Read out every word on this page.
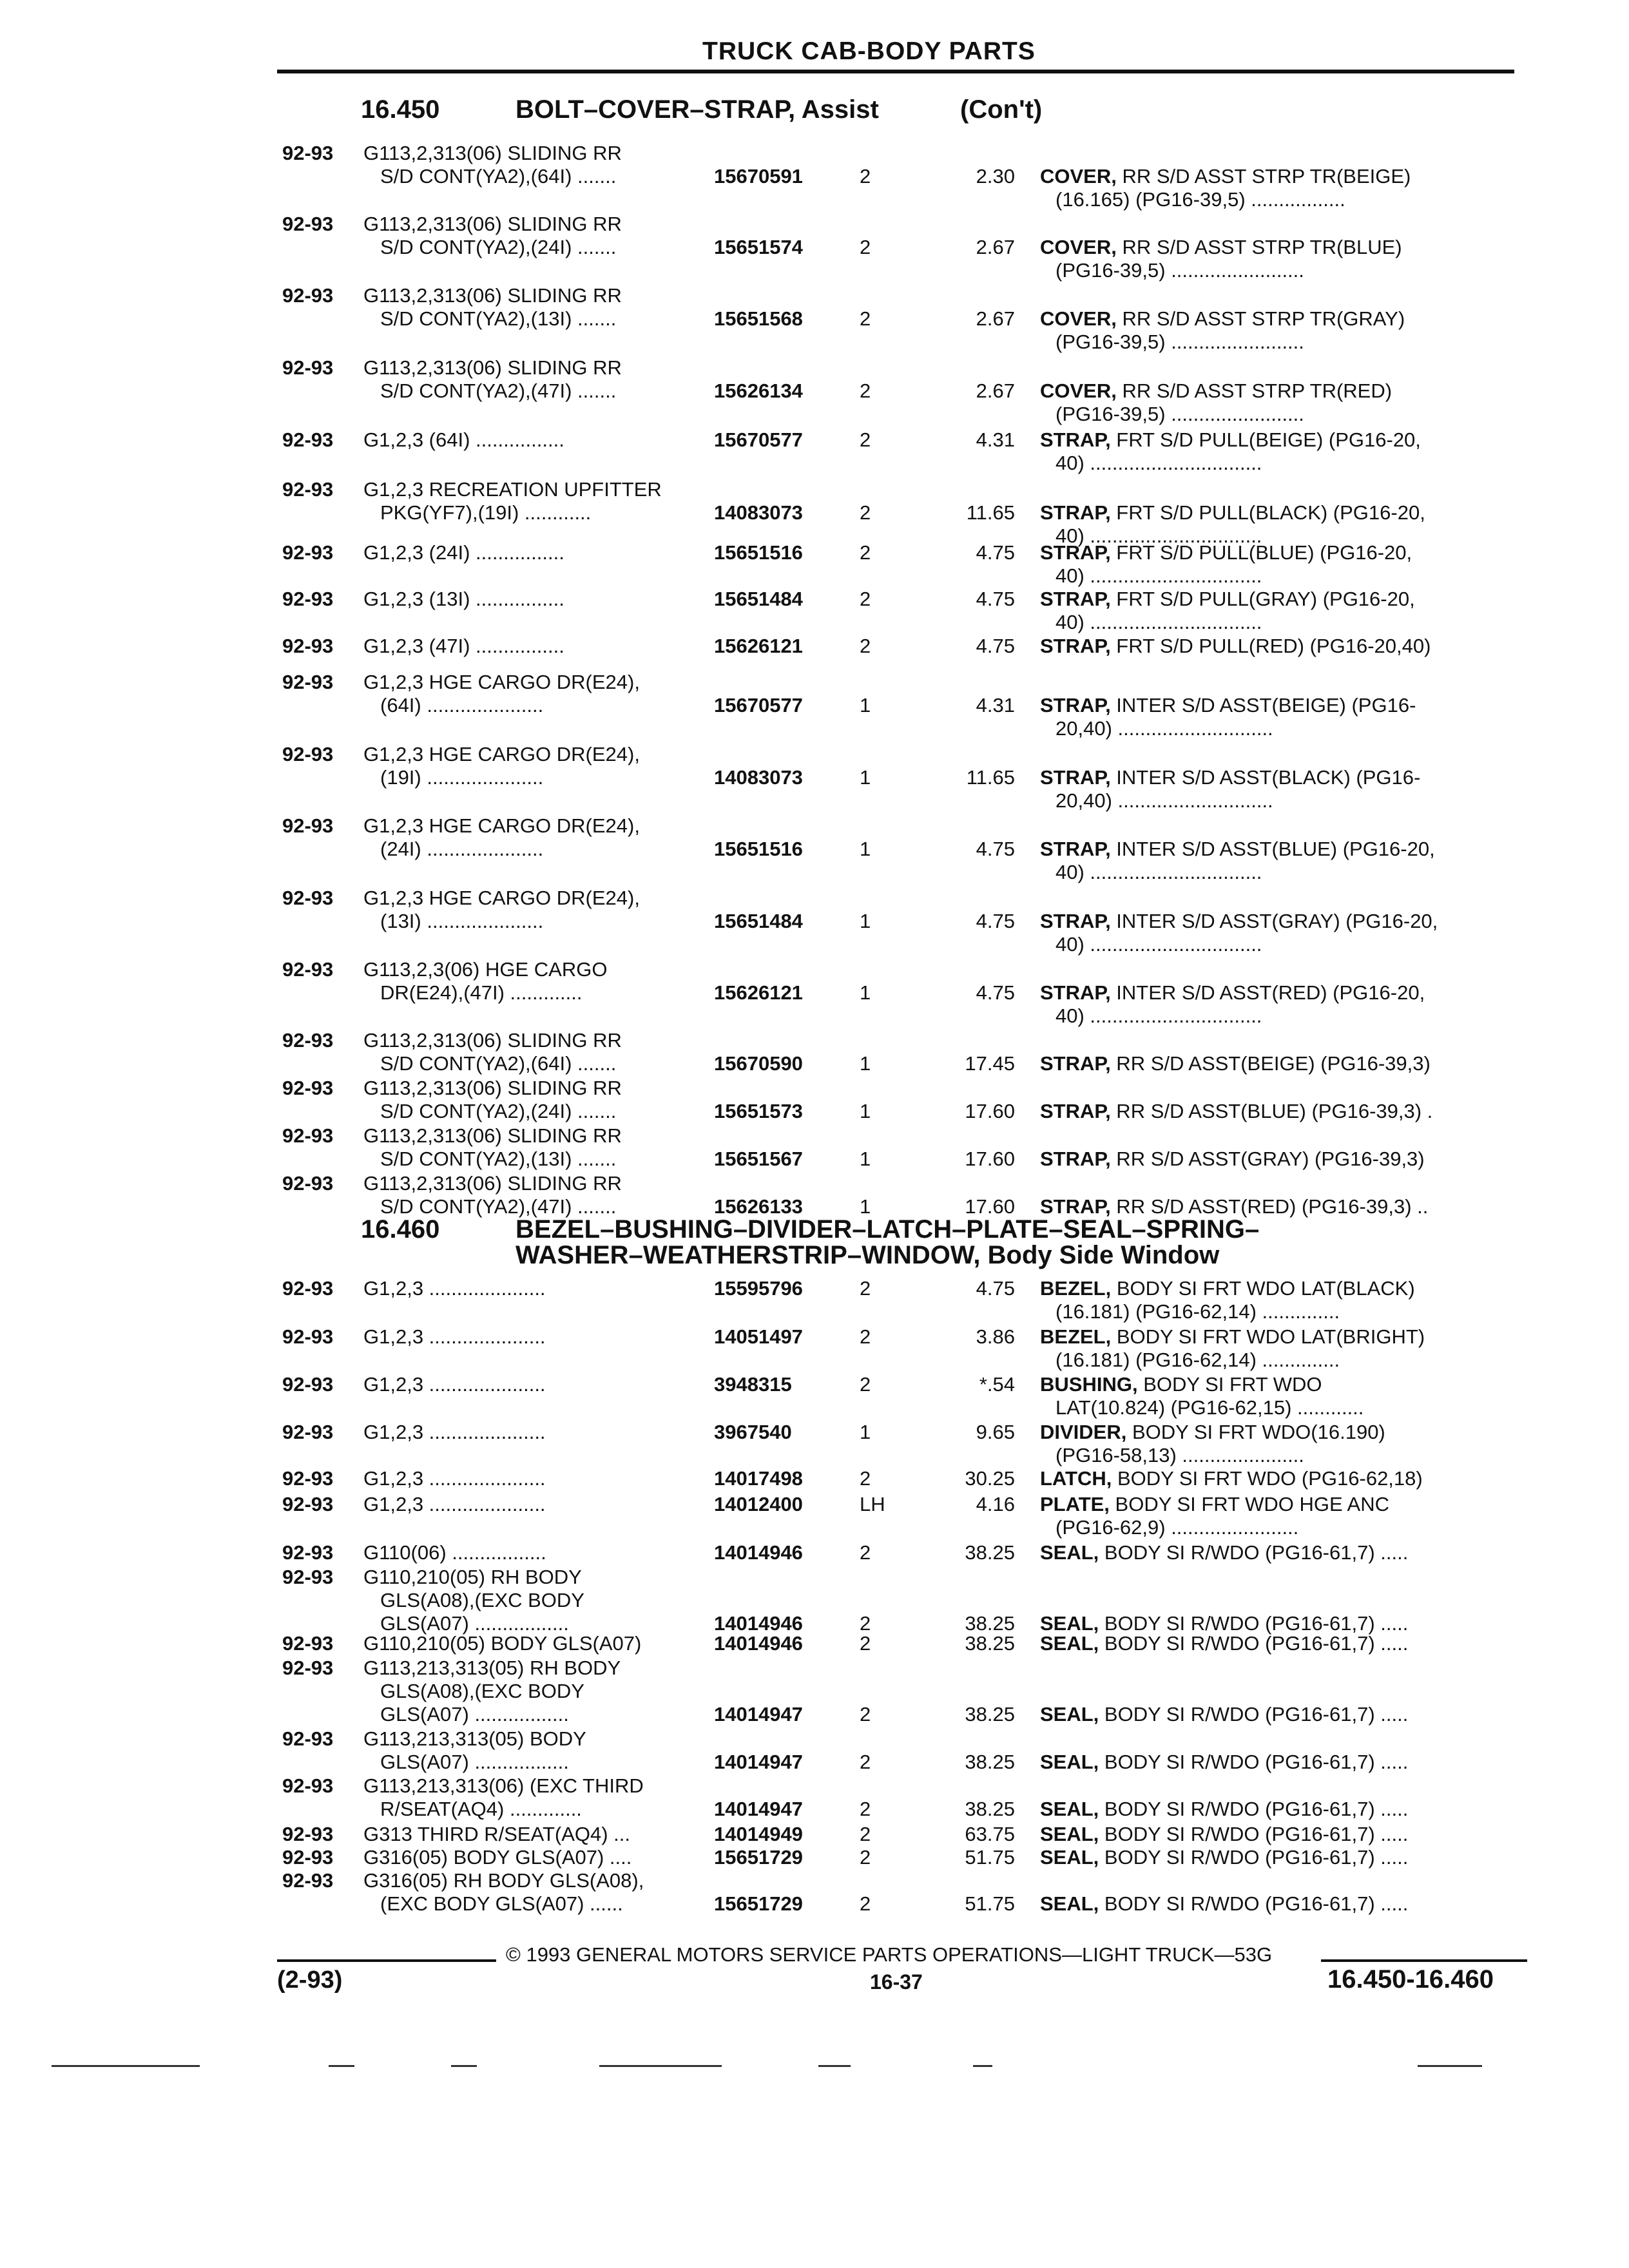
TRUCK CAB-BODY PARTS
16.450	BOLT–COVER–STRAP, Assist	(Con't)
92-93 G113,2,313(06) SLIDING RR
S/D CONT(YA2),(64I) .......	15670591	2	2.30 COVER, RR S/D ASST STRP TR(BEIGE)
(16.165) (PG16-39,5) .................
92-93 G113,2,313(06) SLIDING RR
S/D CONT(YA2),(24I) .......	15651574	2	2.67 COVER, RR S/D ASST STRP TR(BLUE)
(PG16-39,5) ........................
92-93 G113,2,313(06) SLIDING RR
S/D CONT(YA2),(13I) .......	15651568	2	2.67 COVER, RR S/D ASST STRP TR(GRAY)
(PG16-39,5) ........................
92-93 G113,2,313(06) SLIDING RR
S/D CONT(YA2),(47I) .......	15626134	2	2.67 COVER, RR S/D ASST STRP TR(RED)
(PG16-39,5) ........................
92-93 G1,2,3 (64I) ................	15670577	2	4.31 STRAP, FRT S/D PULL(BEIGE) (PG16-20,
40) ...............................
92-93 G1,2,3 RECREATION UPFITTER
PKG(YF7),(19I) ............	14083073	2	11.65 STRAP, FRT S/D PULL(BLACK) (PG16-20,
40) ...............................
92-93 G1,2,3 (24I) ................	15651516	2	4.75 STRAP, FRT S/D PULL(BLUE) (PG16-20,
40) ...............................
92-93 G1,2,3 (13I) ................	15651484	2	4.75 STRAP, FRT S/D PULL(GRAY) (PG16-20,
40) ...............................
92-93 G1,2,3 (47I) ................	15626121	2	4.75 STRAP, FRT S/D PULL(RED) (PG16-20,40)
92-93 G1,2,3 HGE CARGO DR(E24),
(64I) .....................	15670577	1	4.31 STRAP, INTER S/D ASST(BEIGE) (PG16-
20,40) ............................
92-93 G1,2,3 HGE CARGO DR(E24),
(19I) .....................	14083073	1	11.65 STRAP, INTER S/D ASST(BLACK) (PG16-
20,40) ............................
92-93 G1,2,3 HGE CARGO DR(E24),
(24I) .....................	15651516	1	4.75 STRAP, INTER S/D ASST(BLUE) (PG16-20,
40) ...............................
92-93 G1,2,3 HGE CARGO DR(E24),
(13I) .....................	15651484	1	4.75 STRAP, INTER S/D ASST(GRAY) (PG16-20,
40) ...............................
92-93 G113,2,3(06) HGE CARGO
DR(E24),(47I) .............	15626121	1	4.75 STRAP, INTER S/D ASST(RED) (PG16-20,
40) ...............................
92-93 G113,2,313(06) SLIDING RR
S/D CONT(YA2),(64I) .......	15670590	1	17.45 STRAP, RR S/D ASST(BEIGE) (PG16-39,3)
92-93 G113,2,313(06) SLIDING RR
S/D CONT(YA2),(24I) .......	15651573	1	17.60 STRAP, RR S/D ASST(BLUE) (PG16-39,3) .
92-93 G113,2,313(06) SLIDING RR
S/D CONT(YA2),(13I) .......	15651567	1	17.60 STRAP, RR S/D ASST(GRAY) (PG16-39,3)
92-93 G113,2,313(06) SLIDING RR
S/D CONT(YA2),(47I) .......	15626133	1	17.60 STRAP, RR S/D ASST(RED) (PG16-39,3) ..
16.460	BEZEL–BUSHING–DIVIDER–LATCH–PLATE–SEAL–SPRING–
WASHER–WEATHERSTRIP–WINDOW, Body Side Window
92-93 G1,2,3 .....................	15595796	2	4.75 BEZEL, BODY SI FRT WDO LAT(BLACK)
(16.181) (PG16-62,14) ..............
92-93 G1,2,3 .....................	14051497	2	3.86 BEZEL, BODY SI FRT WDO LAT(BRIGHT)
(16.181) (PG16-62,14) ..............
92-93 G1,2,3 .....................	3948315	2	*.54 BUSHING, BODY SI FRT WDO
LAT(10.824) (PG16-62,15) ............
92-93 G1,2,3 .....................	3967540	1	9.65 DIVIDER, BODY SI FRT WDO(16.190)
(PG16-58,13) ......................
92-93 G1,2,3 .....................	14017498	2	30.25 LATCH, BODY SI FRT WDO (PG16-62,18)
92-93 G1,2,3 .....................	14012400	LH	4.16 PLATE, BODY SI FRT WDO HGE ANC
(PG16-62,9) .......................
92-93 G110(06) .................	14014946	2	38.25 SEAL, BODY SI R/WDO (PG16-61,7) .....
92-93 G110,210(05) RH BODY
GLS(A08),(EXC BODY
GLS(A07) .................	14014946	2	38.25 SEAL, BODY SI R/WDO (PG16-61,7) .....
92-93 G110,210(05) BODY GLS(A07)	14014946	2	38.25 SEAL, BODY SI R/WDO (PG16-61,7) .....
92-93 G113,213,313(05) RH BODY
GLS(A08),(EXC BODY
GLS(A07) .................	14014947	2	38.25 SEAL, BODY SI R/WDO (PG16-61,7) .....
92-93 G113,213,313(05) BODY
GLS(A07) .................	14014947	2	38.25 SEAL, BODY SI R/WDO (PG16-61,7) .....
92-93 G113,213,313(06) (EXC THIRD
R/SEAT(AQ4) .............	14014947	2	38.25 SEAL, BODY SI R/WDO (PG16-61,7) .....
92-93 G313 THIRD R/SEAT(AQ4) ...	14014949	2	63.75 SEAL, BODY SI R/WDO (PG16-61,7) .....
92-93 G316(05) BODY GLS(A07) ....	15651729	2	51.75 SEAL, BODY SI R/WDO (PG16-61,7) .....
92-93 G316(05) RH BODY GLS(A08),
(EXC BODY GLS(A07) ......	15651729	2	51.75 SEAL, BODY SI R/WDO (PG16-61,7) .....
© 1993 GENERAL MOTORS SERVICE PARTS OPERATIONS—LIGHT TRUCK—53G
(2-93)	16-37	16.450-16.460
